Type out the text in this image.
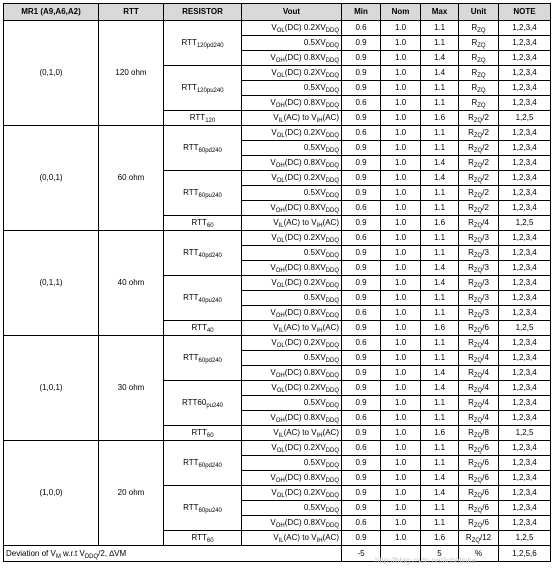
MR1 (A9,A6,A2)	RTT	RESISTOR	Vout	Min	Nom	Max	Unit	NOTE
(0,1,0)	120 ohm	$RTT_{120pd240}$	$V_{OL}(DC)$ $0.2XV_{DDQ}$	0.6	1.0	1.1	$R_{ZQ}$	1,2,3,4
			$0.5XV_{DDQ}$	0.9	1.0	1.1	$R_{ZQ}$	1,2,3,4
			$V_{OH}(DC)$ $0.8XV_{DDQ}$	0.9	1.0	1.4	$R_{ZQ}$	1,2,3,4
		$RTT_{120pu240}$	$V_{OL}(DC)$ $0.2XV_{DDQ}$	0.9	1.0	1.4	$R_{ZQ}$	1,2,3,4
			$0.5XV_{DDQ}$	0.9	1.0	1.1	$R_{ZQ}$	1,2,3,4
			$V_{OH}(DC)$ $0.8XV_{DDQ}$	0.6	1.0	1.1	$R_{ZQ}$	1,2,3,4
		$RTT_{120}$	$V_{IL}(AC)$ to $V_{IH}(AC)$	0.9	1.0	1.6	$R_{ZQ}/2$	1,2,5
(0,0,1)	60 ohm	$RTT_{60pd240}$	$V_{OL}(DC)$ $0.2XV_{DDQ}$	0.6	1.0	1.1	$R_{ZQ}/2$	1,2,3,4
			$0.5XV_{DDQ}$	0.9	1.0	1.1	$R_{ZQ}/2$	1,2,3,4
			$V_{OH}(DC)$ $0.8XV_{DDQ}$	0.9	1.0	1.4	$R_{ZQ}/2$	1,2,3,4
		$RTT_{60pu240}$	$V_{OL}(DC)$ $0.2XV_{DDQ}$	0.9	1.0	1.4	$R_{ZQ}/2$	1,2,3,4
			$0.5XV_{DDQ}$	0.9	1.0	1.1	$R_{ZQ}/2$	1,2,3,4
			$V_{OH}(DC)$ $0.8XV_{DDQ}$	0.6	1.0	1.1	$R_{ZQ}/2$	1,2,3,4
		$RTT_{60}$	$V_{IL}(AC)$ to $V_{IH}(AC)$	0.9	1.0	1.6	$R_{ZQ}/4$	1,2,5
(0,1,1)	40 ohm	$RTT_{40pd240}$	$V_{OL}(DC)$ $0.2XV_{DDQ}$	0.6	1.0	1.1	$R_{ZQ}/3$	1,2,3,4
			$0.5XV_{DDQ}$	0.9	1.0	1.1	$R_{ZQ}/3$	1,2,3,4
			$V_{OH}(DC)$ $0.8XV_{DDQ}$	0.9	1.0	1.4	$R_{ZQ}/3$	1,2,3,4
		$RTT_{40pu240}$	$V_{OL}(DC)$ $0.2XV_{DDQ}$	0.9	1.0	1.4	$R_{ZQ}/3$	1,2,3,4
			$0.5XV_{DDQ}$	0.9	1.0	1.1	$R_{ZQ}/3$	1,2,3,4
			$V_{OH}(DC)$ $0.8XV_{DDQ}$	0.6	1.0	1.1	$R_{ZQ}/3$	1,2,3,4
		$RTT_{40}$	$V_{IL}(AC)$ to $V_{IH}(AC)$	0.9	1.0	1.6	$R_{ZQ}/6$	1,2,5
(1,0,1)	30 ohm	$RTT_{60pd240}$	$V_{OL}(DC)$ $0.2XV_{DDQ}$	0.6	1.0	1.1	$R_{ZQ}/4$	1,2,3,4
			$0.5XV_{DDQ}$	0.9	1.0	1.1	$R_{ZQ}/4$	1,2,3,4
			$V_{OH}(DC)$ $0.8XV_{DDQ}$	0.9	1.0	1.4	$R_{ZQ}/4$	1,2,3,4
		$RTT60_{pu240}$	$V_{OL}(DC)$ $0.2XV_{DDQ}$	0.9	1.0	1.4	$R_{ZQ}/4$	1,2,3,4
			$0.5XV_{DDQ}$	0.9	1.0	1.1	$R_{ZQ}/4$	1,2,3,4
			$V_{OH}(DC)$ $0.8XV_{DDQ}$	0.6	1.0	1.1	$R_{ZQ}/4$	1,2,3,4
		$RTT_{60}$	$V_{IL}(AC)$ to $V_{IH}(AC)$	0.9	1.0	1.6	$R_{ZQ}/8$	1,2,5
(1,0,0)	20 ohm	$RTT_{60pd240}$	$V_{OL}(DC)$ $0.2XV_{DDQ}$	0.6	1.0	1.1	$R_{ZQ}/6$	1,2,3,4
			$0.5XV_{DDQ}$	0.9	1.0	1.1	$R_{ZQ}/6$	1,2,3,4
			$V_{OH}(DC)$ $0.8XV_{DDQ}$	0.9	1.0	1.4	$R_{ZQ}/6$	1,2,3,4
		$RTT_{60pu240}$	$V_{OL}(DC)$ $0.2XV_{DDQ}$	0.9	1.0	1.4	$R_{ZQ}/6$	1,2,3,4
			$0.5XV_{DDQ}$	0.9	1.0	1.1	$R_{ZQ}/6$	1,2,3,4
			$V_{OH}(DC)$ $0.8XV_{DDQ}$	0.6	1.0	1.1	$R_{ZQ}/6$	1,2,3,4
		$RTT_{60}$	$V_{IL}(AC)$ to $V_{IH}(AC)$	0.9	1.0	1.6	$R_{ZQ}/12$	1,2,5
Deviation of $V_M$ w.r.t $V_{DDQ}/2$, ∆VM				-5		5	%	1,2,5,6
http://blog.csdn.net/ichelinka
